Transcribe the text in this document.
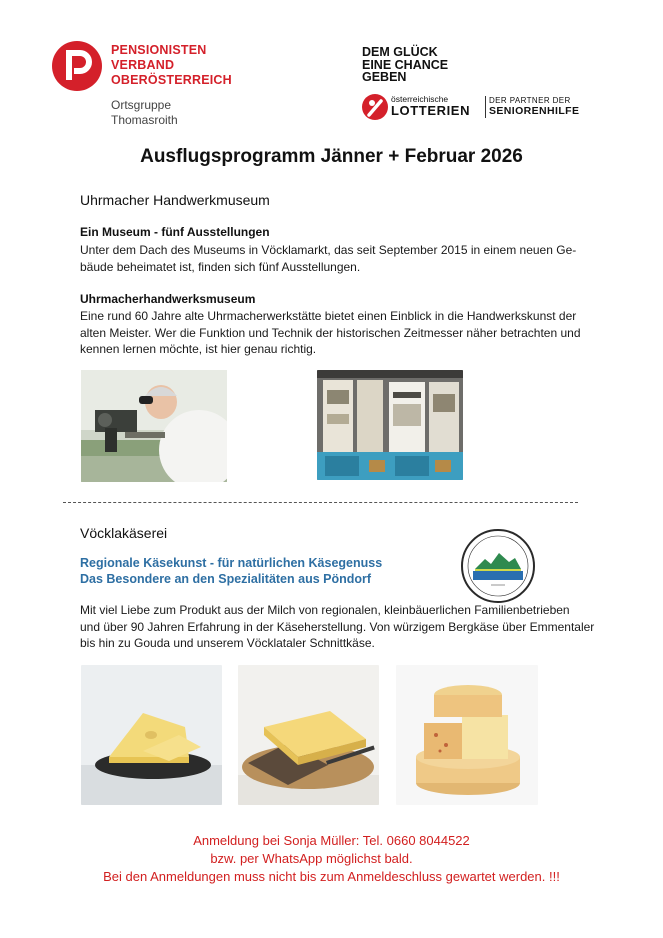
PENSIONISTEN
VERBAND
OBERÖSTERREICH
Ortsgruppe
Thomasroith
DEM GLÜCK
EINE CHANCE
GEBEN
österreichische
LOTTERIEN
DER PARTNER DER
SENIORENHILFE
Ausflugsprogramm Jänner + Februar 2026
Uhrmacher Handwerkmuseum
Ein Museum - fünf Ausstellungen
Unter dem Dach des Museums in Vöcklamarkt, das seit September 2015 in einem neuen Ge-
bäude beheimatet ist, finden sich fünf Ausstellungen.
Uhrmacherhandwerksmuseum
Eine rund 60 Jahre alte Uhrmacherwerkstätte bietet einen Einblick in die Handwerkskunst der
alten Meister. Wer die Funktion und Technik der historischen Zeitmesser näher betrachten und
kennen lernen möchte, ist hier genau richtig.
Vöcklakäserei
Regionale Käsekunst - für natürlichen Käsegenuss
Das Besondere an den Spezialitäten aus Pöndorf
Mit viel Liebe zum Produkt aus der Milch von regionalen, kleinbäuerlichen Familienbetrieben
und über 90 Jahren Erfahrung in der Käseherstellung. Von würzigem Bergkäse über Emmentaler
bis hin zu Gouda und unserem Vöcklataler Schnittkäse.
Anmeldung bei Sonja Müller: Tel. 0660 8044522
bzw. per WhatsApp möglichst bald.
Bei den Anmeldungen muss nicht bis zum Anmeldeschluss gewartet werden. !!!
